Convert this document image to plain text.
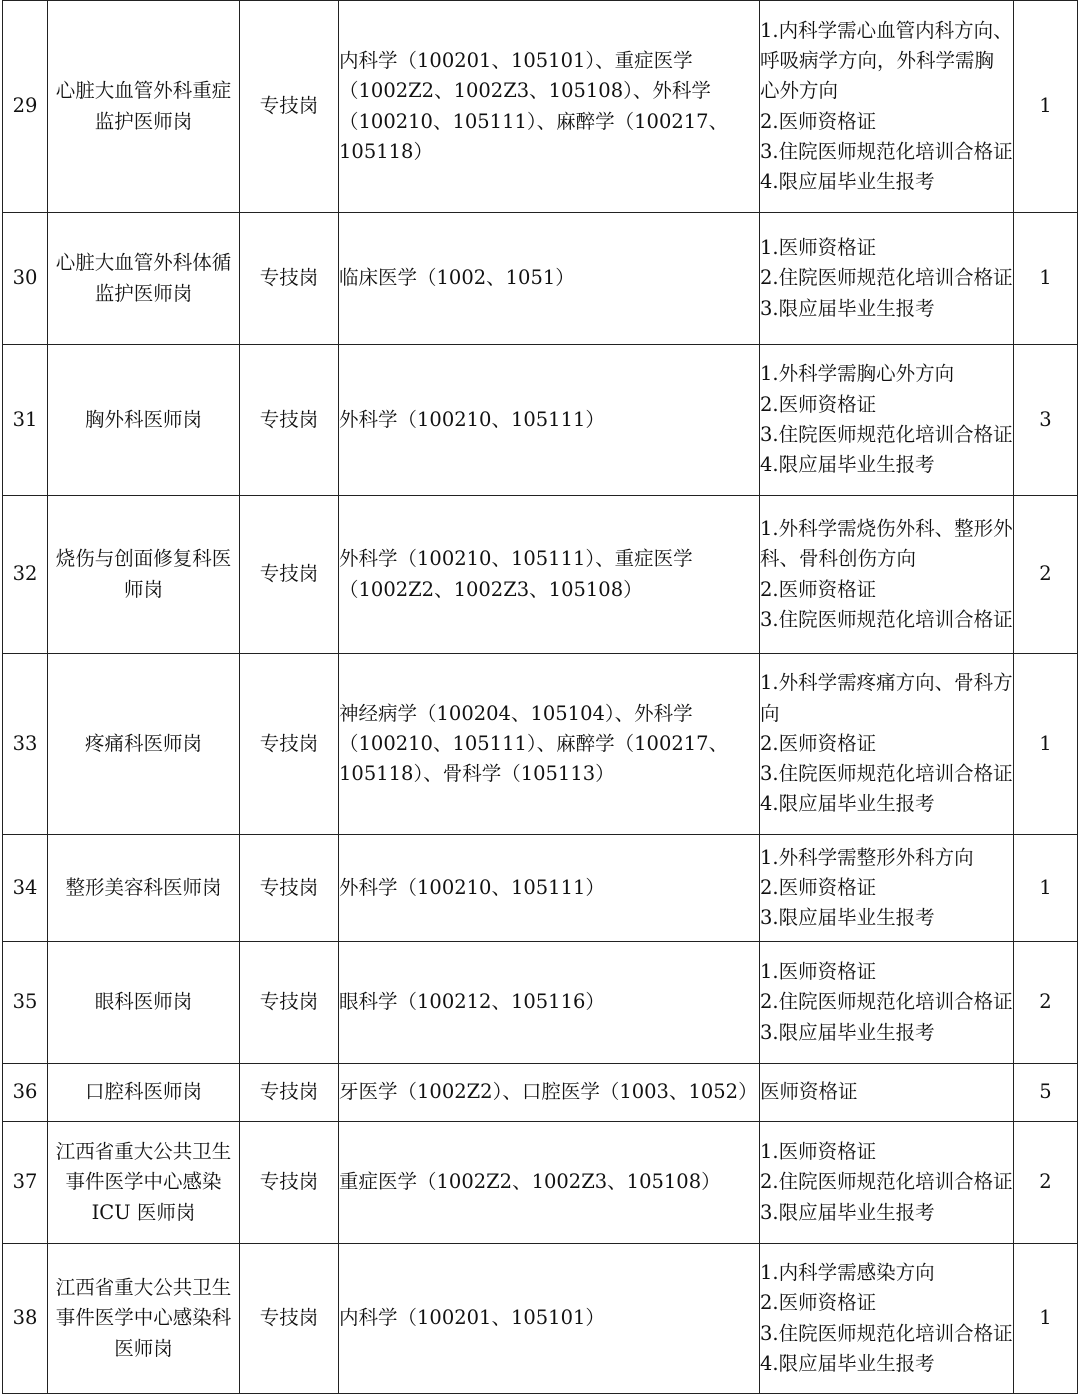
29	心脏大血管外科重症监护医师岗	专技岗	内科学（100201、105101）、重症医学（1002Z2、1002Z3、105108）、外科学（100210、105111）、麻醉学（100217、105118）	1.内科学需心血管内科方向、呼吸病学方向，外科学需胸心外方向
2.医师资格证
3.住院医师规范化培训合格证
4.限应届毕业生报考	1
30	心脏大血管外科体循监护医师岗	专技岗	临床医学（1002、1051）	1.医师资格证
2.住院医师规范化培训合格证
3.限应届毕业生报考	1
31	胸外科医师岗	专技岗	外科学（100210、105111）	1.外科学需胸心外方向
2.医师资格证
3.住院医师规范化培训合格证
4.限应届毕业生报考	3
32	烧伤与创面修复科医师岗	专技岗	外科学（100210、105111）、重症医学（1002Z2、1002Z3、105108）	1.外科学需烧伤外科、整形外科、骨科创伤方向
2.医师资格证
3.住院医师规范化培训合格证	2
33	疼痛科医师岗	专技岗	神经病学（100204、105104）、外科学（100210、105111）、麻醉学（100217、105118）、骨科学（105113）	1.外科学需疼痛方向、骨科方向
2.医师资格证
3.住院医师规范化培训合格证
4.限应届毕业生报考	1
34	整形美容科医师岗	专技岗	外科学（100210、105111）	1.外科学需整形外科方向
2.医师资格证
3.限应届毕业生报考	1
35	眼科医师岗	专技岗	眼科学（100212、105116）	1.医师资格证
2.住院医师规范化培训合格证
3.限应届毕业生报考	2
36	口腔科医师岗	专技岗	牙医学（1002Z2）、口腔医学（1003、1052）	医师资格证	5
37	江西省重大公共卫生事件医学中心感染 ICU 医师岗	专技岗	重症医学（1002Z2、1002Z3、105108）	1.医师资格证
2.住院医师规范化培训合格证
3.限应届毕业生报考	2
38	江西省重大公共卫生事件医学中心感染科医师岗	专技岗	内科学（100201、105101）	1.内科学需感染方向
2.医师资格证
3.住院医师规范化培训合格证
4.限应届毕业生报考	1
